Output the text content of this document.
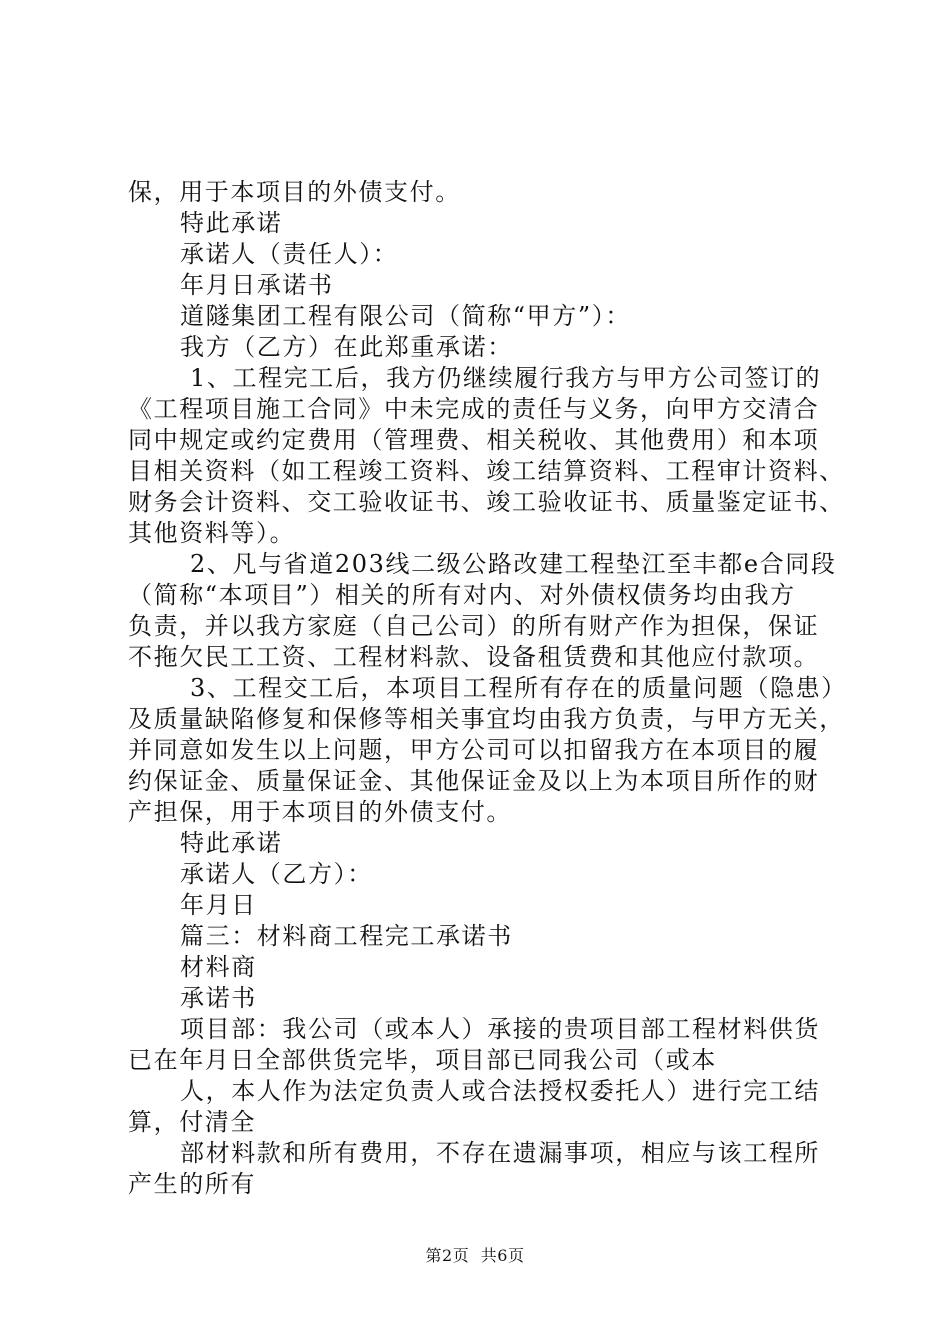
保，用于本项目的外债支付。
特此承诺
承诺人（责任人）：
年月日承诺书
道隧集团工程有限公司（简称“甲方”）：
我方（乙方）在此郑重承诺：
1、工程完工后，我方仍继续履行我方与甲方公司签订的
《工程项目施工合同》中未完成的责任与义务，向甲方交清合
同中规定或约定费用（管理费、相关税收、其他费用）和本项
目相关资料（如工程竣工资料、竣工结算资料、工程审计资料、
财务会计资料、交工验收证书、竣工验收证书、质量鉴定证书、
其他资料等）。
2、凡与省道203线二级公路改建工程垫江至丰都e合同段
（简称“本项目”）相关的所有对内、对外债权债务均由我方
负责，并以我方家庭（自己公司）的所有财产作为担保，保证
不拖欠民工工资、工程材料款、设备租赁费和其他应付款项。
3、工程交工后，本项目工程所有存在的质量问题（隐患）
及质量缺陷修复和保修等相关事宜均由我方负责，与甲方无关，
并同意如发生以上问题，甲方公司可以扣留我方在本项目的履
约保证金、质量保证金、其他保证金及以上为本项目所作的财
产担保，用于本项目的外债支付。
特此承诺
承诺人（乙方）：
年月日
篇三：材料商工程完工承诺书
材料商
承诺书
项目部：我公司（或本人）承接的贵项目部工程材料供货
已在年月日全部供货完毕，项目部已同我公司（或本
人，本人作为法定负责人或合法授权委托人）进行完工结
算，付清全
部材料款和所有费用，不存在遗漏事项，相应与该工程所
产生的所有
第2页 共6页
